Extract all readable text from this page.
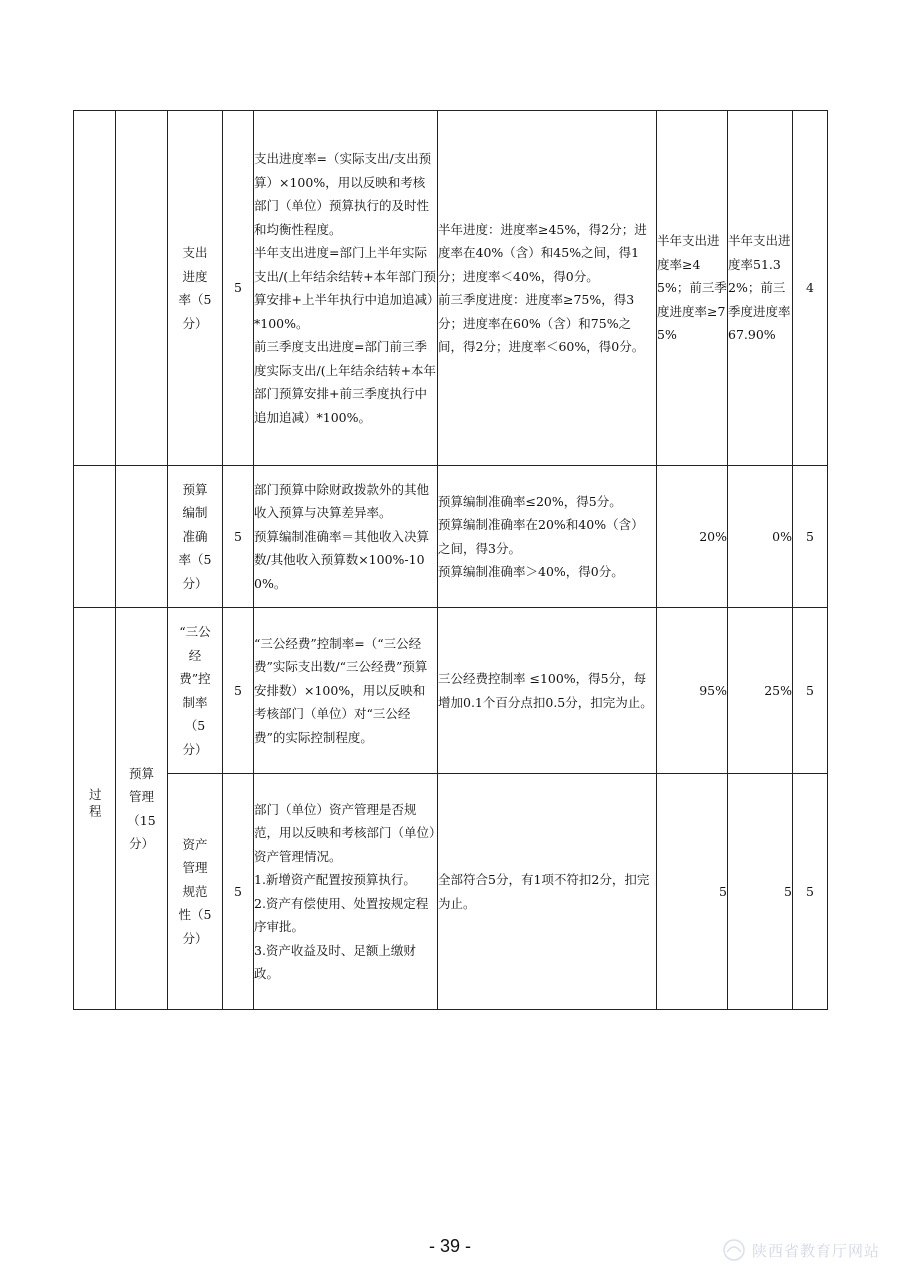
		支出进度率（5分）	5	支出进度率=（实际支出/支出预算）×100%，用以反映和考核部门（单位）预算执行的及时性和均衡性程度。
半年支出进度=部门上半年实际支出/(上年结余结转+本年部门预算安排+上半年执行中追加追减）*100%。
前三季度支出进度=部门前三季度实际支出/(上年结余结转+本年部门预算安排+前三季度执行中追加追减）*100%。	半年进度：进度率≥45%，得2分；进度率在40%（含）和45%之间，得1分；进度率＜40%，得0分。
前三季度进度：进度率≥75%，得3分；进度率在60%（含）和75%之间，得2分；进度率＜60%，得0分。	半年支出进度率≥45%；前三季度进度率≥75%	半年支出进度率51.32%；前三季度进度率67.90%	4

		预算编制准确率（5分）	5	部门预算中除财政拨款外的其他收入预算与决算差异率。
预算编制准确率＝其他收入决算数/其他收入预算数×100%-100%。	预算编制准确率≤20%，得5分。
预算编制准确率在20%和40%（含）之间，得3分。
预算编制准确率＞40%，得0分。	20%	0%	5
过程	预算管理（15分）	“三公经费”控制率（5分）	5	“三公经费”控制率=（“三公经费”实际支出数/“三公经费”预算安排数）×100%，用以反映和考核部门（单位）对“三公经费”的实际控制程度。	三公经费控制率 ≤100%，得5分，每增加0.1个百分点扣0.5分，扣完为止。	95%	25%	5

		资产管理规范性（5分）	5	部门（单位）资产管理是否规范，用以反映和考核部门（单位）资产管理情况。
1.新增资产配置按预算执行。
2.资产有偿使用、处置按规定程序审批。
3.资产收益及时、足额上缴财政。	全部符合5分，有1项不符扣2分，扣完为止。	5	5	5
- 39 -	陕西省教育厅网站
